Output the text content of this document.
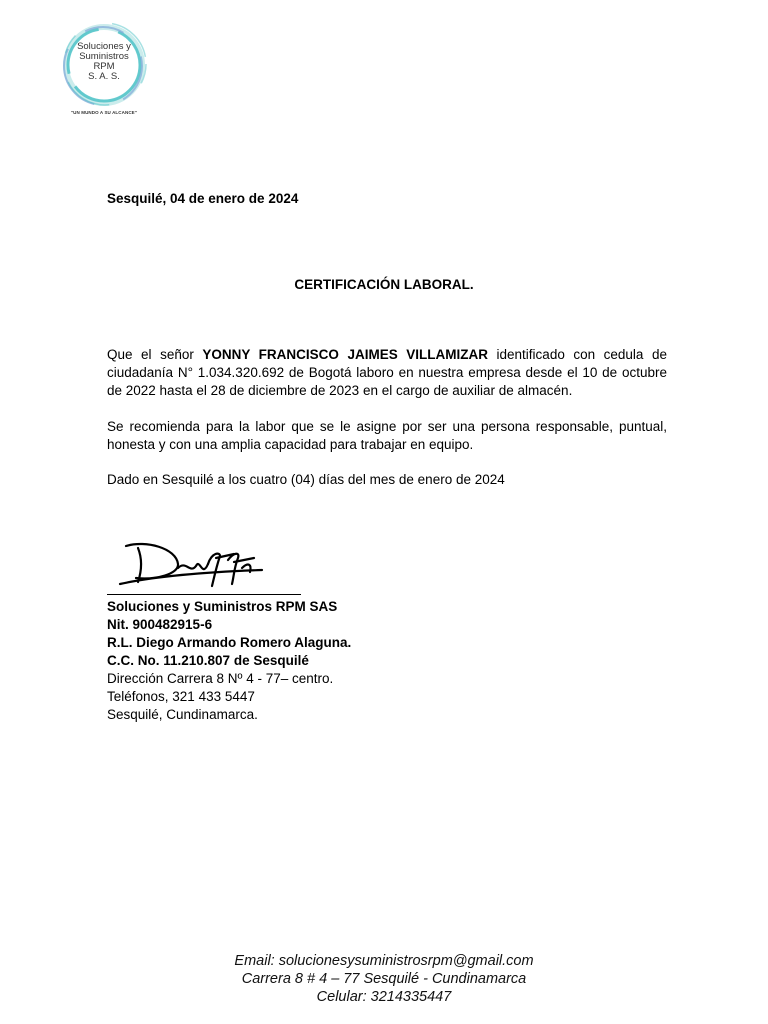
Soluciones y
Suministros
RPM
S. A. S.
"UN MUNDO A SU ALCANCE"
Sesquilé, 04 de enero de 2024
CERTIFICACIÓN LABORAL.
Que el señor YONNY FRANCISCO JAIMES VILLAMIZAR identificado con cedula de ciudadanía N° 1.034.320.692 de Bogotá laboro en nuestra empresa desde el 10 de octubre de 2022 hasta el 28 de diciembre de 2023 en el cargo de auxiliar de almacén.
Se recomienda para la labor que se le asigne por ser una persona responsable, puntual, honesta y con una amplia capacidad para trabajar en equipo.
Dado en Sesquilé a los cuatro (04) días del mes de enero de 2024
Soluciones y Suministros RPM SAS
Nit. 900482915-6
R.L. Diego Armando Romero Alaguna.
C.C. No. 11.210.807 de Sesquilé
Dirección Carrera 8 Nº 4 - 77– centro.
Teléfonos, 321 433 5447
Sesquilé, Cundinamarca.
Email: solucionesysuministrosrpm@gmail.com
Carrera 8 # 4 – 77 Sesquilé - Cundinamarca
Celular: 3214335447
